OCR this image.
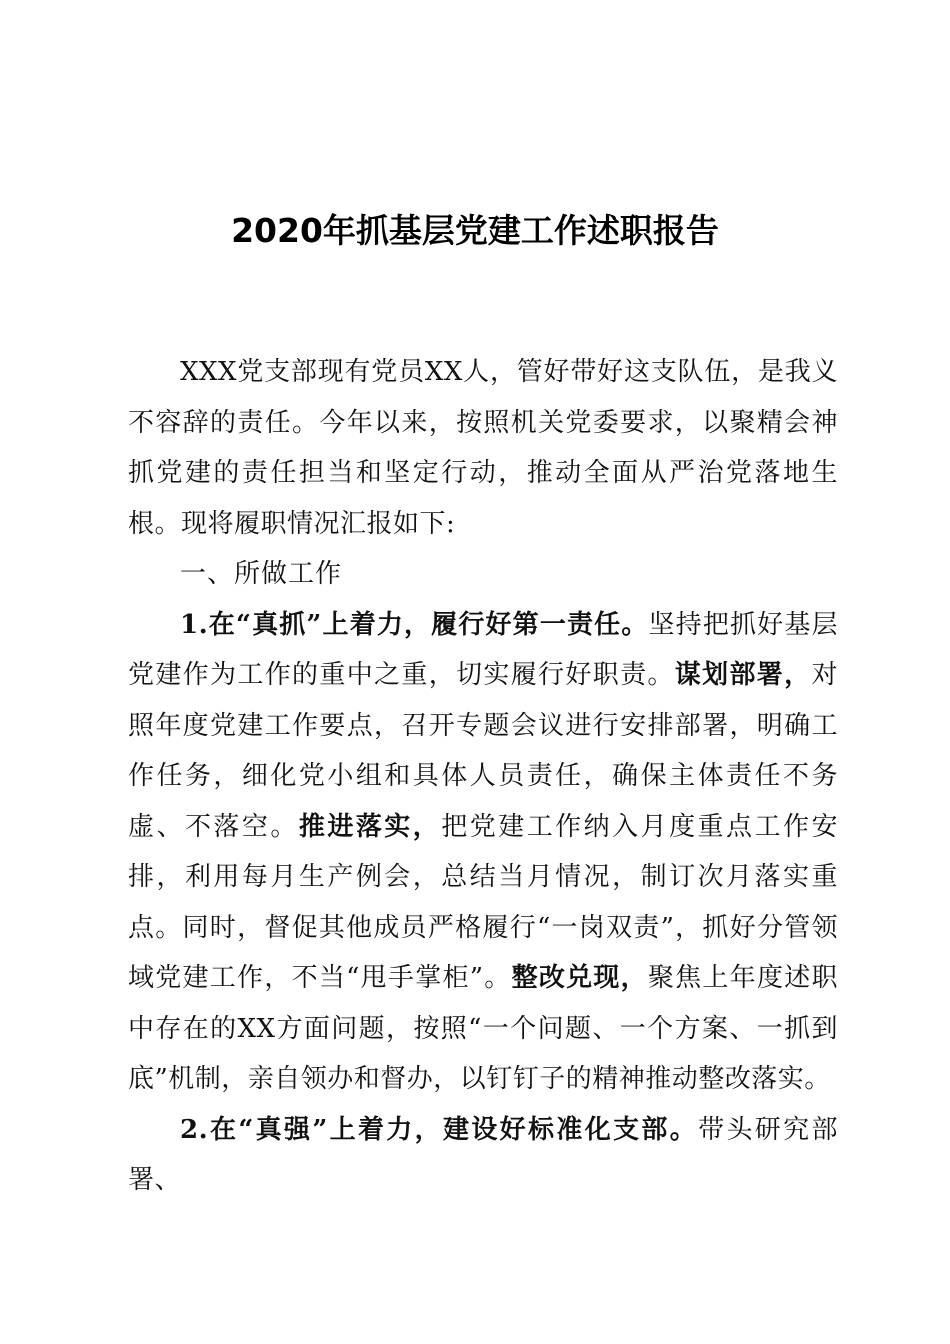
2020年抓基层党建工作述职报告

XXX党支部现有党员XX人，管好带好这支队伍，是我义不容辞的责任。今年以来，按照机关党委要求，以聚精会神抓党建的责任担当和坚定行动，推动全面从严治党落地生根。现将履职情况汇报如下:

一、所做工作

1.在“真抓”上着力，履行好第一责任。坚持把抓好基层党建作为工作的重中之重，切实履行好职责。谋划部署，对照年度党建工作要点，召开专题会议进行安排部署，明确工作任务，细化党小组和具体人员责任，确保主体责任不务虚、不落空。推进落实，把党建工作纳入月度重点工作安排，利用每月生产例会，总结当月情况，制订次月落实重点。同时，督促其他成员严格履行“一岗双责”，抓好分管领域党建工作，不当“甩手掌柜”。整改兑现，聚焦上年度述职中存在的XX方面问题，按照“一个问题、一个方案、一抓到底”机制，亲自领办和督办，以钉钉子的精神推动整改落实。

2.在“真强”上着力，建设好标准化支部。带头研究部署、
